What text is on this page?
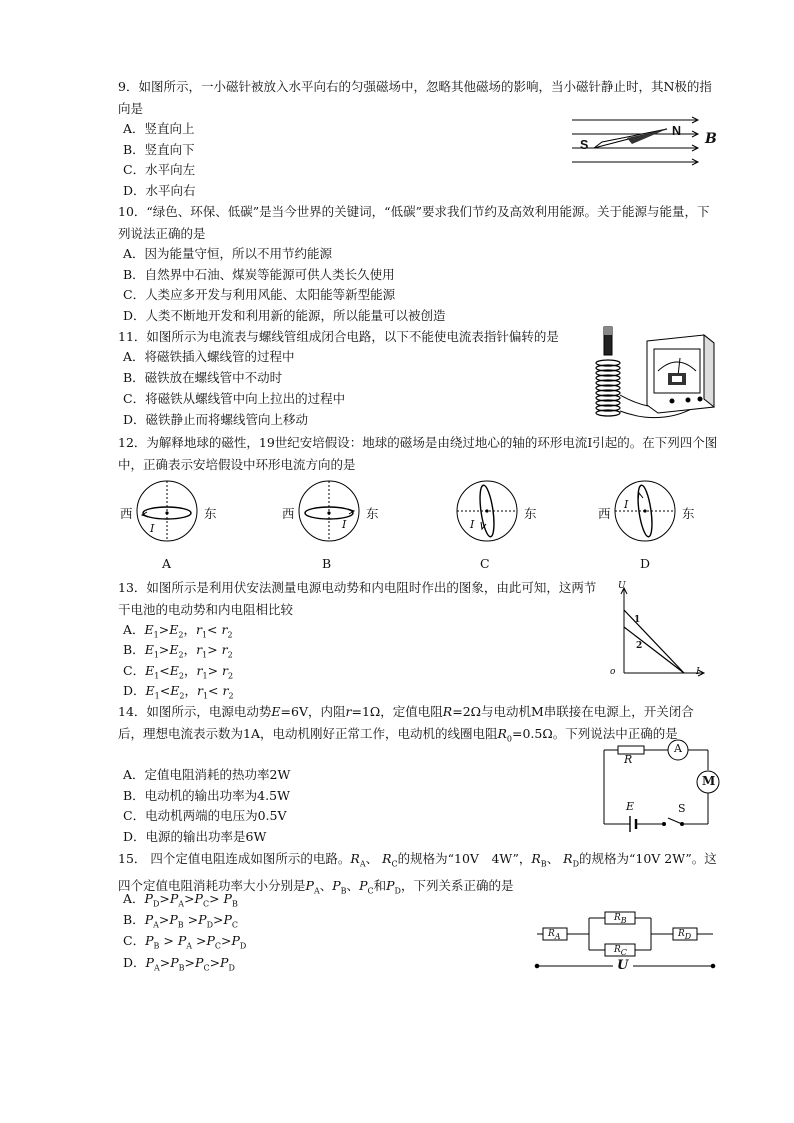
9．如图所示，一小磁针被放入水平向右的匀强磁场中，忽略其他磁场的影响，当小磁针静止时，其N极的指向是
A．竖直向上
B．竖直向下
C．水平向左
D．水平向右
S
N B
10．“绿色、环保、低碳”是当今世界的关键词，“低碳”要求我们节约及高效利用能源。关于能源与能量，下列说法正确的是
A．因为能量守恒，所以不用节约能源
B．自然界中石油、煤炭等能源可供人类长久使用
C．人类应多开发与利用风能、太阳能等新型能源
D．人类不断地开发和利用新的能源，所以能量可以被创造
11．如图所示为电流表与螺线管组成闭合电路，以下不能使电流表指针偏转的是
A．将磁铁插入螺线管的过程中
B．磁铁放在螺线管中不动时
C．将磁铁从螺线管中向上拉出的过程中
D．磁铁静止而将螺线管向上移动
12．为解释地球的磁性，19世纪安培假设：地球的磁场是由绕过地心的轴的环形电流I引起的。在下列四个图中，正确表示安培假设中环形电流方向的是
西
I
东
A
西
I
东
B
I
东
C
西
I
东
D
13．如图所示是利用伏安法测量电源电动势和内电阻时作出的图象，由此可知，这两节干电池的电动势和内电阻相比较
A．$E_1>E_2$，$r_1< r_2$
B．$E_1>E_2$，$r_1> r_2$
C．$E_1<E_2$，$r_1> r_2$
D．$E_1<E_2$，$r_1< r_2$
U
I
o
1
2
14．如图所示，电源电动势E=6V，内阻r=1Ω，定值电阻R=2Ω与电动机M串联接在电源上，开关闭合后，理想电流表示数为1A，电动机刚好正常工作，电动机的线圈电阻$R_0=0.5\Omega$。下列说法中正确的是
A．定值电阻消耗的热功率2W
B．电动机的输出功率为4.5W
C．电动机两端的电压为0.5V
D．电源的输出功率是6W
R
A
M
E	S
15． 四个定值电阻连成如图所示的电路。$R_A$、 $R_C$的规格为“10V　4W”，$R_B$、 $R_D$的规格为“10V 2W”。这四个定值电阻消耗功率大小分别是$P_A$、$P_B$、$P_C$和$P_D$，下列关系正确的是
A．$P_D>P_A>P_C> P_B$
B．$P_A>P_B >P_D>P_C$
C．$P_B > P_A >P_C>P_D$
D．$P_A>P_B>P_C>P_D$
$R_A$
$R_B$
$R_C$
$R_D$
U
